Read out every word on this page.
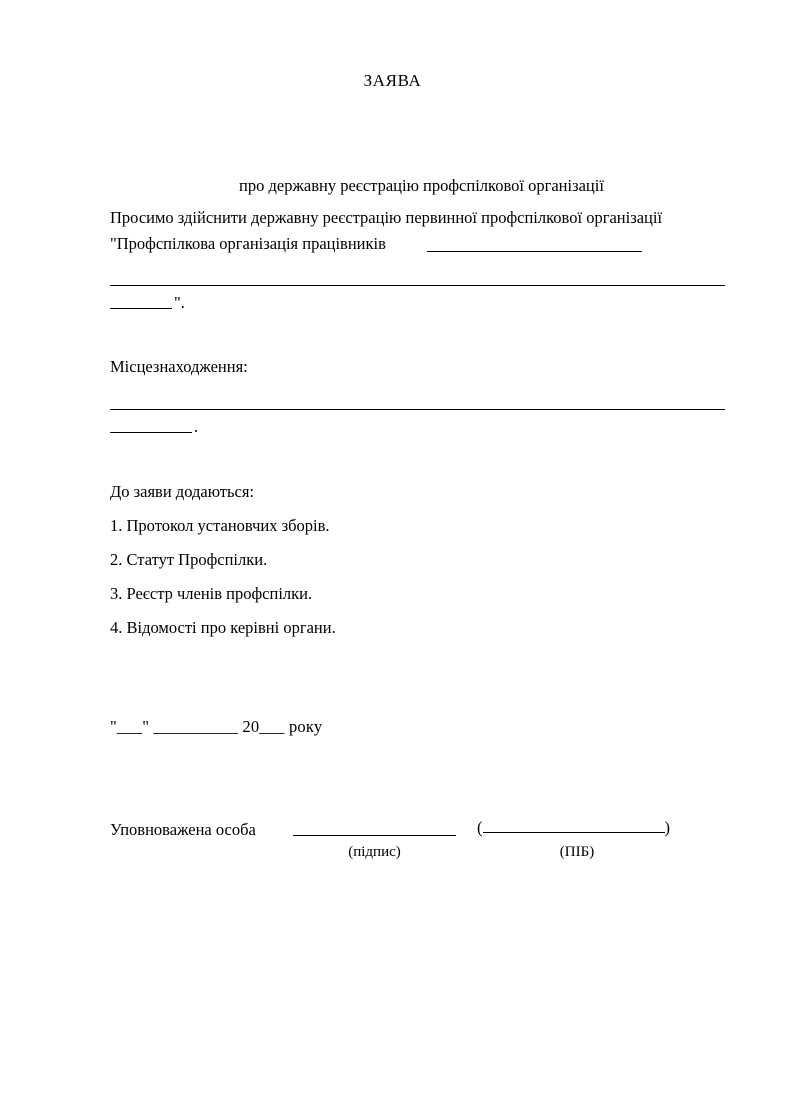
ЗАЯВА
про державну реєстрацію профспілкової організації
Просимо здійснити державну реєстрацію первинної профспілкової організації
"Профспілкова організація працівників
".
Місцезнаходження:
.
До заяви додаються:
1. Протокол установчих зборів.
2. Статут Профспілки.
3. Реєстр членів профспілки.
4. Відомості про керівні органи.
"___" __________ 20___ року
Уповноважена особа	(	)
(підпис)	(ПІБ)
